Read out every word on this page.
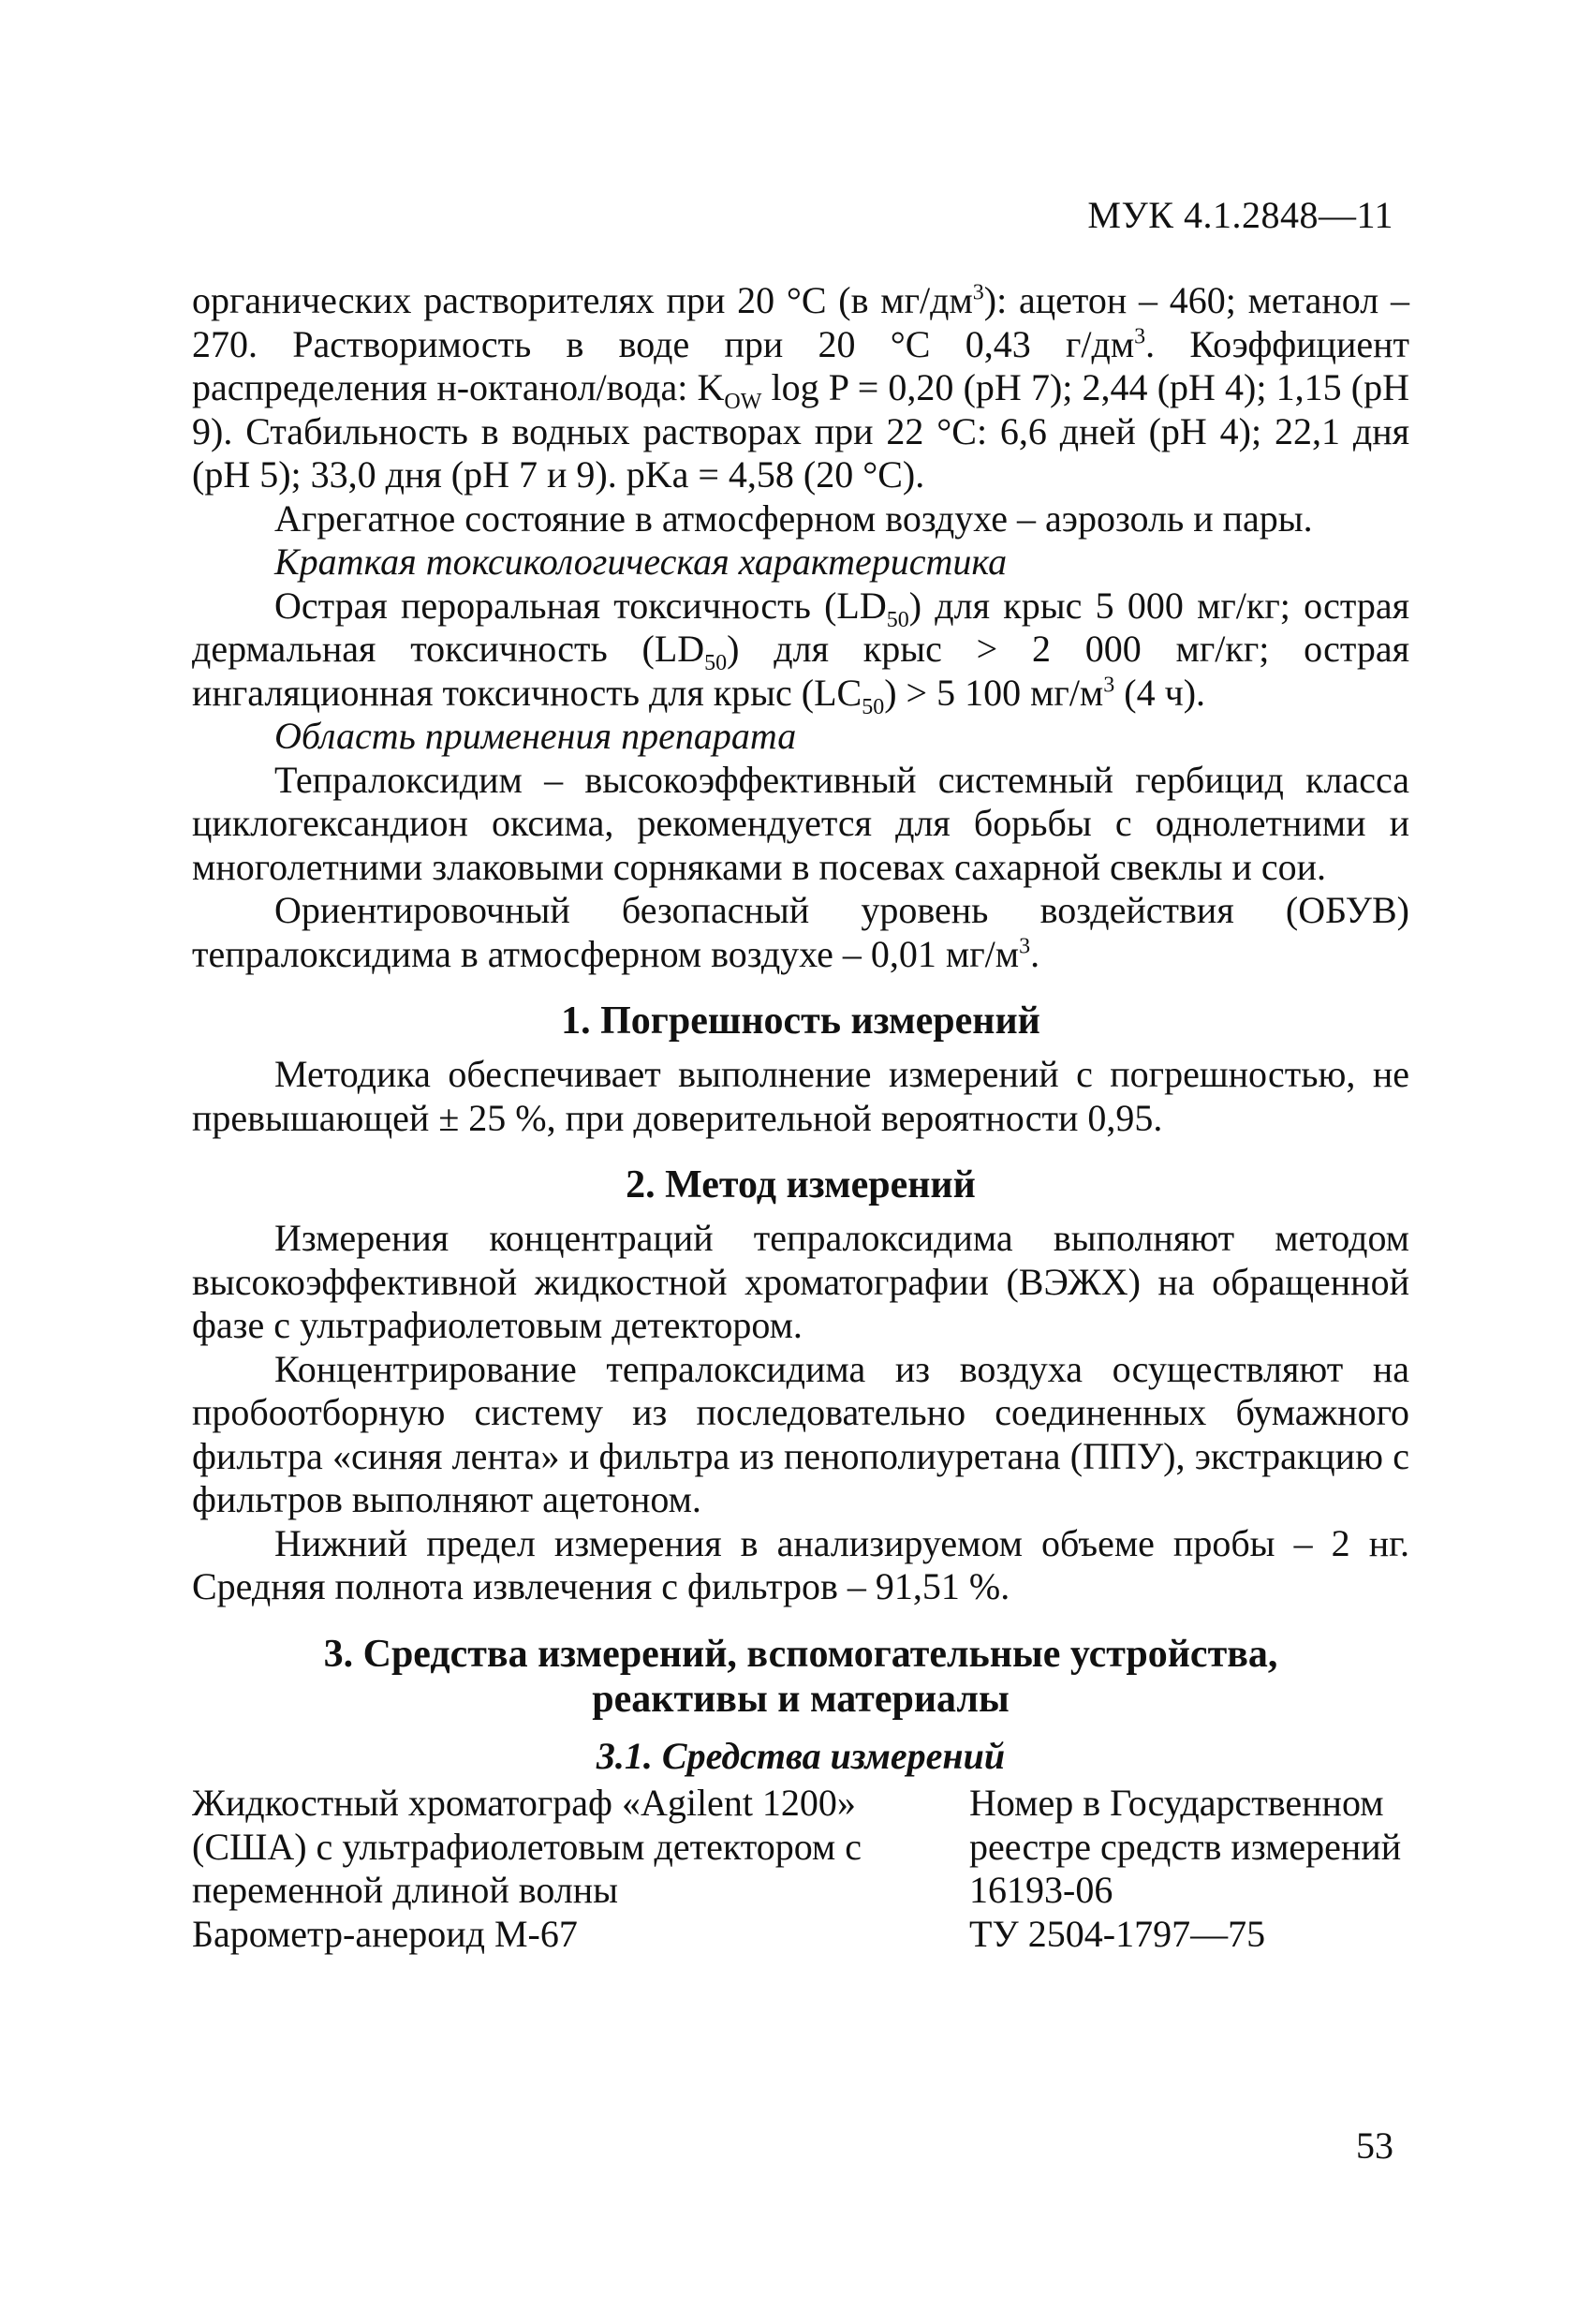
МУК 4.1.2848—11

органических растворителях при 20 °С (в $мг/дм^3$): ацетон – 460; метанол – 270. Растворимость в воде при 20 °С 0,43 $г/дм^3$. Коэффициент распределения н-октанол/вода: $K_{OW}$ log P = 0,20 (pH 7); 2,44 (pH 4); 1,15 (pH 9). Стабильность в водных растворах при 22 °С: 6,6 дней (pH 4); 22,1 дня (pH 5); 33,0 дня (pH 7 и 9). pKa = 4,58 (20 °С).

Агрегатное состояние в атмосферном воздухе – аэрозоль и пары.

Краткая токсикологическая характеристика

Острая пероральная токсичность $(LD_{50})$ для крыс 5 000 мг/кг; острая дермальная токсичность $(LD_{50})$ для крыс > 2 000 мг/кг; острая ингаляционная токсичность для крыс $(LC_{50}) > 5$ 100 $мг/м^3$ (4 ч).

Область применения препарата

Тепралоксидим – высокоэффективный системный гербицид класса циклогександион оксима, рекомендуется для борьбы с однолетними и многолетними злаковыми сорняками в посевах сахарной свеклы и сои.

Ориентировочный безопасный уровень воздействия (ОБУВ) тепралоксидима в атмосферном воздухе – 0,01 $мг/м^3$.

1. Погрешность измерений

Методика обеспечивает выполнение измерений с погрешностью, не превышающей ± 25 %, при доверительной вероятности 0,95.

2. Метод измерений

Измерения концентраций тепралоксидима выполняют методом высокоэффективной жидкостной хроматографии (ВЭЖХ) на обращенной фазе с ультрафиолетовым детектором.

Концентрирование тепралоксидима из воздуха осуществляют на пробоотборную систему из последовательно соединенных бумажного фильтра «синяя лента» и фильтра из пенополиуретана (ППУ), экстракцию с фильтров выполняют ацетоном.

Нижний предел измерения в анализируемом объеме пробы – 2 нг. Средняя полнота извлечения с фильтров – 91,51 %.

3. Средства измерений, вспомогательные устройства,
реактивы и материалы

3.1. Средства измерений

Жидкостный хроматограф «Agilent 1200» (США) с ультрафиолетовым детектором с переменной длиной волны
Номер в Государственном реестре средств измерений 16193-06
Барометр-анероид М-67	ТУ 2504-1797—75
53
